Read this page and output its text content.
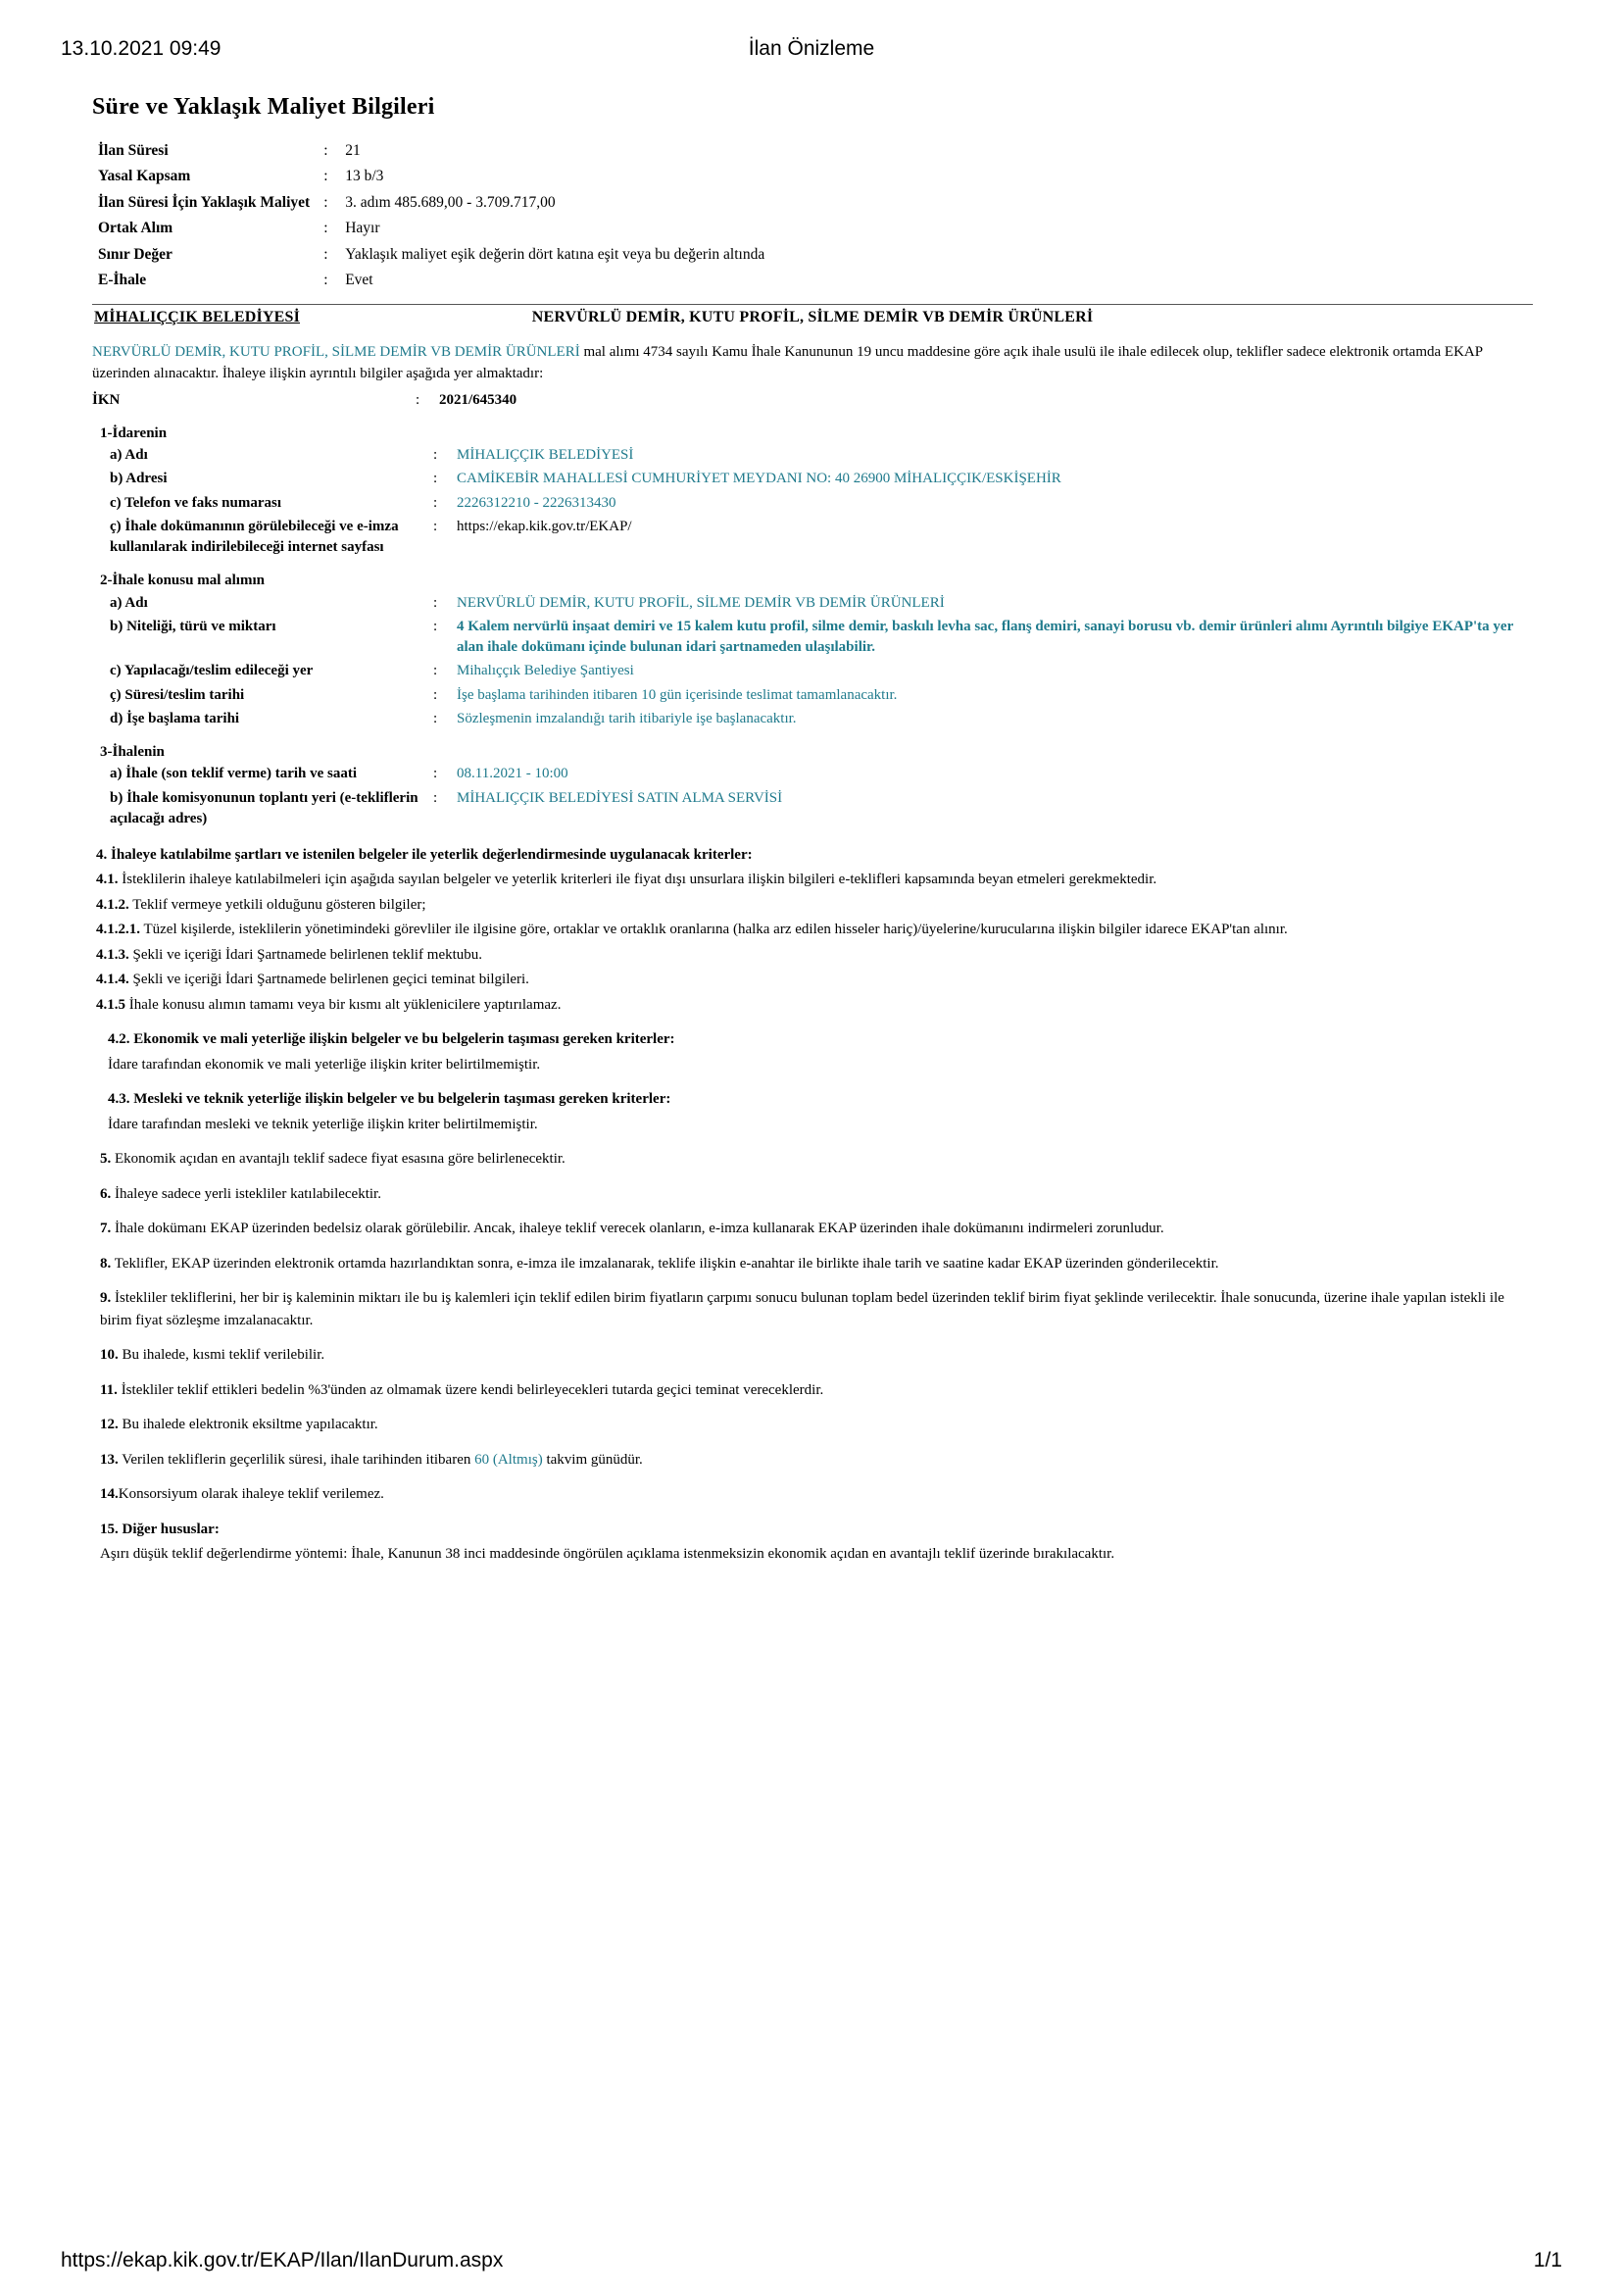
13.10.2021 09:49	İlan Önizleme
Süre ve Yaklaşık Maliyet Bilgileri
İlan Süresi	:	21
Yasal Kapsam	:	13 b/3
İlan Süresi İçin Yaklaşık Maliyet	:	3. adım 485.689,00 - 3.709.717,00
Ortak Alım	:	Hayır
Sınır Değer	:	Yaklaşık maliyet eşik değerin dört katına eşit veya bu değerin altında
E-İhale	:	Evet
MİHALIÇÇIK BELEDİYESİ	NERVÜRLÜ DEMİR, KUTU PROFİL, SİLME DEMİR VB DEMİR ÜRÜNLERİ
NERVÜRLÜ DEMİR, KUTU PROFİL, SİLME DEMİR VB DEMİR ÜRÜNLERİ mal alımı 4734 sayılı Kamu İhale Kanununun 19 uncu maddesine göre açık ihale usulü ile ihale edilecek olup, teklifler sadece elektronik ortamda EKAP üzerinden alınacaktır. İhaleye ilişkin ayrıntılı bilgiler aşağıda yer almaktadır:
İKN	:	2021/645340
1-İdarenin
a) Adı	:	MİHALIÇÇIK BELEDİYESİ
b) Adresi	:	CAMİKEBİR MAHALLESİ CUMHURİYET MEYDANI NO: 40 26900 MİHALIÇÇIK/ESKİŞEHİR
c) Telefon ve faks numarası	:	2226312210 - 2226313430
ç) İhale dokümanının görülebileceği ve e-imza kullanılarak indirilebileceği internet sayfası	:	https://ekap.kik.gov.tr/EKAP/
2-İhale konusu mal alımın
a) Adı	:	NERVÜRLÜ DEMİR, KUTU PROFİL, SİLME DEMİR VB DEMİR ÜRÜNLERİ
b) Niteliği, türü ve miktarı	:	4 Kalem nervürlü inşaat demiri ve 15 kalem kutu profil, silme demir, baskılı levha sac, flanş demiri, sanayi borusu vb. demir ürünleri alımı Ayrıntılı bilgiye EKAP'ta yer alan ihale dokümanı içinde bulunan idari şartnameden ulaşılabilir.
c) Yapılacağı/teslim edileceği yer	:	Mihalıççık Belediye Şantiyesi
ç) Süresi/teslim tarihi	:	İşe başlama tarihinden itibaren 10 gün içerisinde teslimat tamamlanacaktır.
d) İşe başlama tarihi	:	Sözleşmenin imzalandığı tarih itibariyle işe başlanacaktır.
3-İhalenin
a) İhale (son teklif verme) tarih ve saati	:	08.11.2021 - 10:00
b) İhale komisyonunun toplantı yeri (e-tekliflerin açılacağı adres)	:	MİHALIÇÇIK BELEDİYESİ SATIN ALMA SERVİSİ
4. İhaleye katılabilme şartları ve istenilen belgeler ile yeterlik değerlendirmesinde uygulanacak kriterler:
4.1. İsteklilerin ihaleye katılabilmeleri için aşağıda sayılan belgeler ve yeterlik kriterleri ile fiyat dışı unsurlara ilişkin bilgileri e-teklifleri kapsamında beyan etmeleri gerekmektedir.
4.1.2. Teklif vermeye yetkili olduğunu gösteren bilgiler;
4.1.2.1. Tüzel kişilerde, isteklilerin yönetimindeki görevliler ile ilgisine göre, ortaklar ve ortaklık oranlarına (halka arz edilen hisseler hariç)/üyelerine/kurucularına ilişkin bilgiler idarece EKAP'tan alınır.
4.1.3. Şekli ve içeriği İdari Şartnamede belirlenen teklif mektubu.
4.1.4. Şekli ve içeriği İdari Şartnamede belirlenen geçici teminat bilgileri.
4.1.5 İhale konusu alımın tamamı veya bir kısmı alt yüklenicilere yaptırılamaz.
4.2. Ekonomik ve mali yeterliğe ilişkin belgeler ve bu belgelerin taşıması gereken kriterler:
İdare tarafından ekonomik ve mali yeterliğe ilişkin kriter belirtilmemiştir.
4.3. Mesleki ve teknik yeterliğe ilişkin belgeler ve bu belgelerin taşıması gereken kriterler:
İdare tarafından mesleki ve teknik yeterliğe ilişkin kriter belirtilmemiştir.
5. Ekonomik açıdan en avantajlı teklif sadece fiyat esasına göre belirlenecektir.
6. İhaleye sadece yerli istekliler katılabilecektir.
7. İhale dokümanı EKAP üzerinden bedelsiz olarak görülebilir. Ancak, ihaleye teklif verecek olanların, e-imza kullanarak EKAP üzerinden ihale dokümanını indirmeleri zorunludur.
8. Teklifler, EKAP üzerinden elektronik ortamda hazırlandıktan sonra, e-imza ile imzalanarak, teklife ilişkin e-anahtar ile birlikte ihale tarih ve saatine kadar EKAP üzerinden gönderilecektir.
9. İstekliler tekliflerini, her bir iş kaleminin miktarı ile bu iş kalemleri için teklif edilen birim fiyatların çarpımı sonucu bulunan toplam bedel üzerinden teklif birim fiyat şeklinde verilecektir. İhale sonucunda, üzerine ihale yapılan istekli ile birim fiyat sözleşme imzalanacaktır.
10. Bu ihalede, kısmi teklif verilebilir.
11. İstekliler teklif ettikleri bedelin %3'ünden az olmamak üzere kendi belirleyecekleri tutarda geçici teminat vereceklerdir.
12. Bu ihalede elektronik eksiltme yapılacaktır.
13. Verilen tekliflerin geçerlilik süresi, ihale tarihinden itibaren 60 (Altmış) takvim günüdür.
14.Konsorsiyum olarak ihaleye teklif verilemez.
15. Diğer hususlar:
Aşırı düşük teklif değerlendirme yöntemi: İhale, Kanunun 38 inci maddesinde öngörülen açıklama istenmeksizin ekonomik açıdan en avantajlı teklif üzerinde bırakılacaktır.
https://ekap.kik.gov.tr/EKAP/Ilan/IlanDurum.aspx	1/1
